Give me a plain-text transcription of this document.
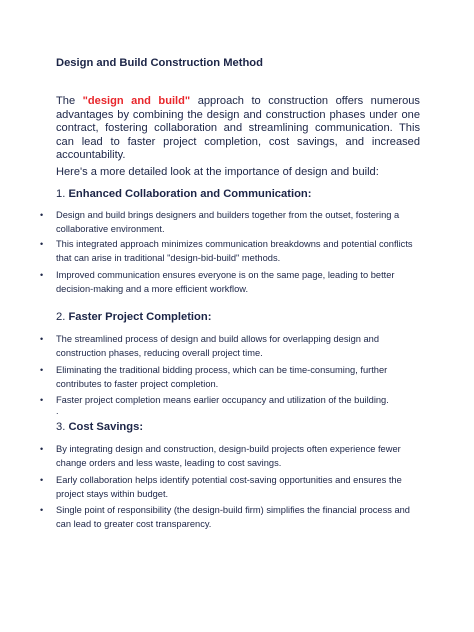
Design and Build Construction Method

The "design and build" approach to construction offers numerous advantages by combining the design and construction phases under one contract, fostering collaboration and streamlining communication. This can lead to faster project completion, cost savings, and increased accountability.

Here's a more detailed look at the importance of design and build:

1. Enhanced Collaboration and Communication:

• Design and build brings designers and builders together from the outset, fostering a collaborative environment.

• This integrated approach minimizes communication breakdowns and potential conflicts that can arise in traditional "design-bid-build" methods.

• Improved communication ensures everyone is on the same page, leading to better decision-making and a more efficient workflow.

2. Faster Project Completion:

• The streamlined process of design and build allows for overlapping design and construction phases, reducing overall project time.

• Eliminating the traditional bidding process, which can be time-consuming, further contributes to faster project completion.

• Faster project completion means earlier occupancy and utilization of the building.

.

3. Cost Savings:

• By integrating design and construction, design-build projects often experience fewer change orders and less waste, leading to cost savings.

• Early collaboration helps identify potential cost-saving opportunities and ensures the project stays within budget.

• Single point of responsibility (the design-build firm) simplifies the financial process and can lead to greater cost transparency.
